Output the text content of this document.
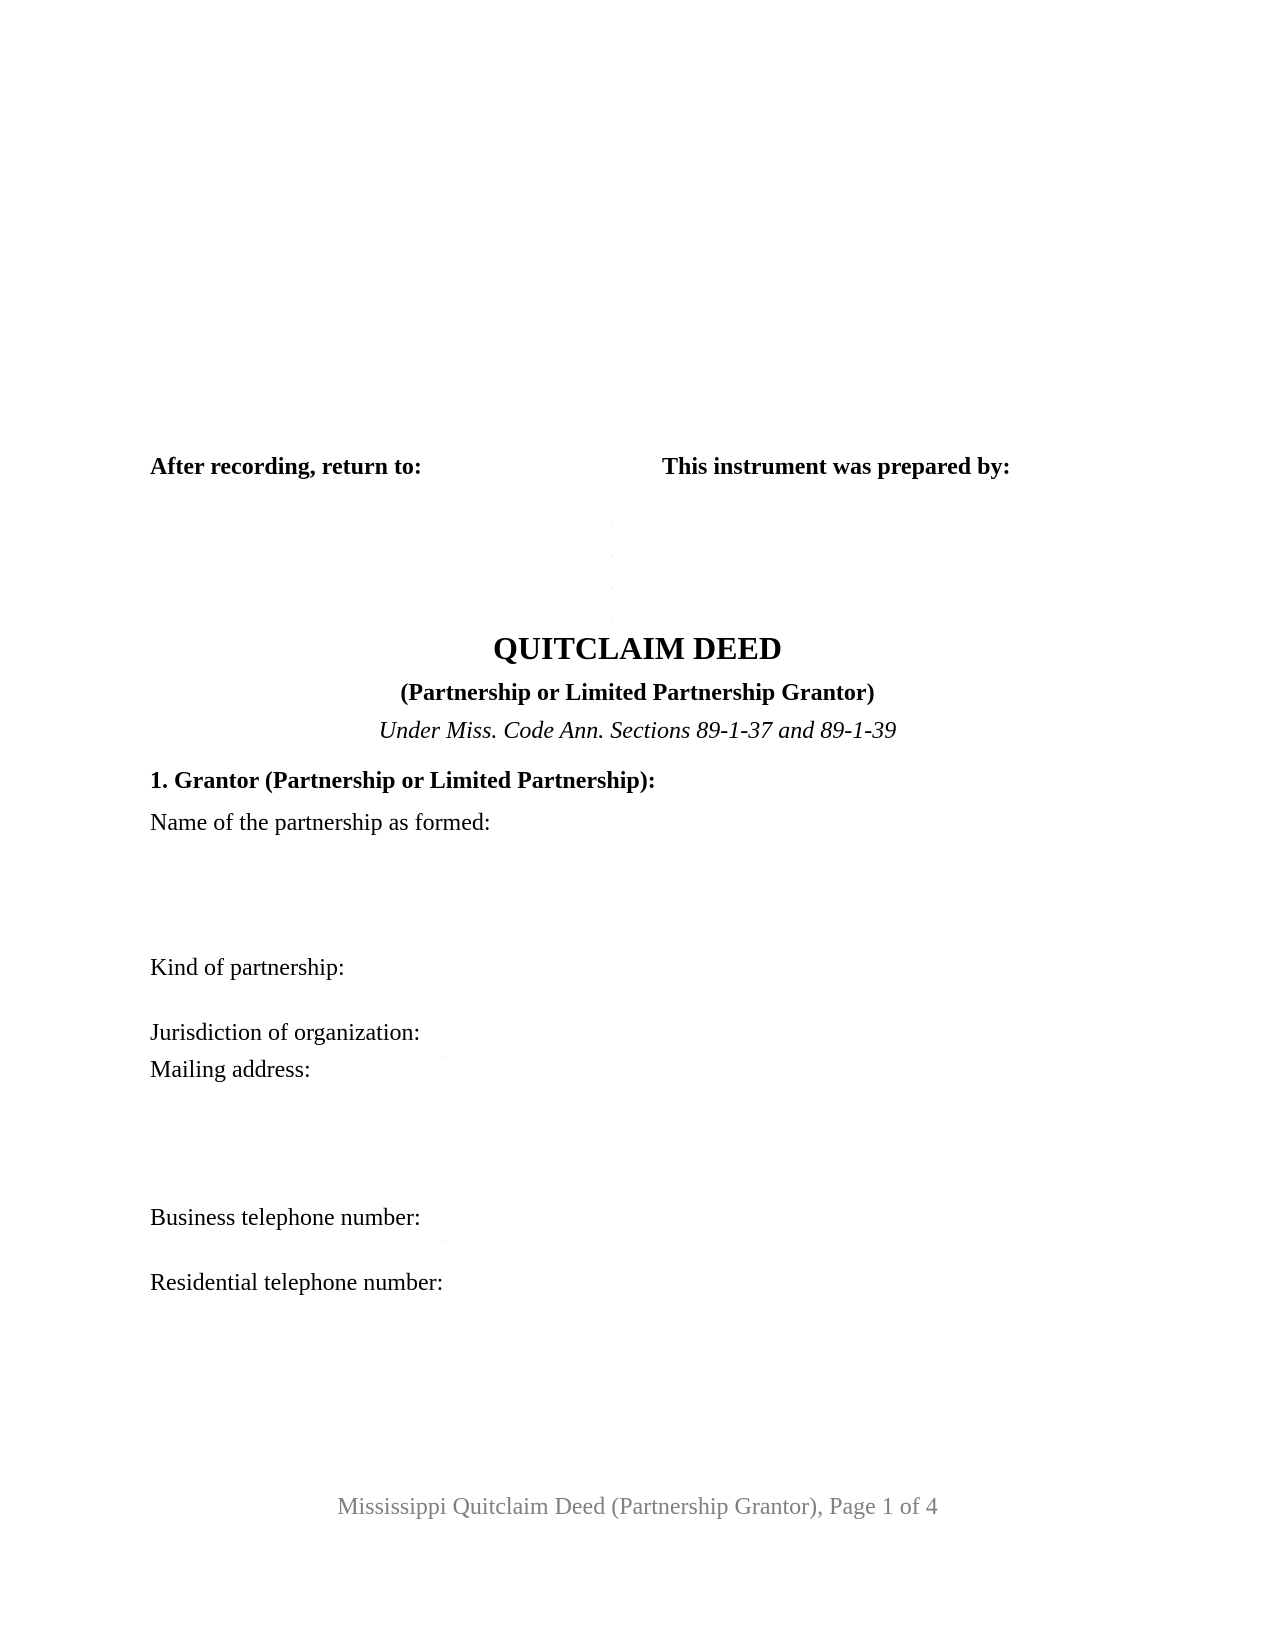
After recording, return to:	This instrument was prepared by:
QUITCLAIM DEED
(Partnership or Limited Partnership Grantor)
Under Miss. Code Ann. Sections 89-1-37 and 89-1-39
1. Grantor (Partnership or Limited Partnership):
Name of the partnership as formed:
Kind of partnership:
Jurisdiction of organization:
Mailing address:
Business telephone number:
Residential telephone number:
Mississippi Quitclaim Deed (Partnership Grantor), Page 1 of 4
